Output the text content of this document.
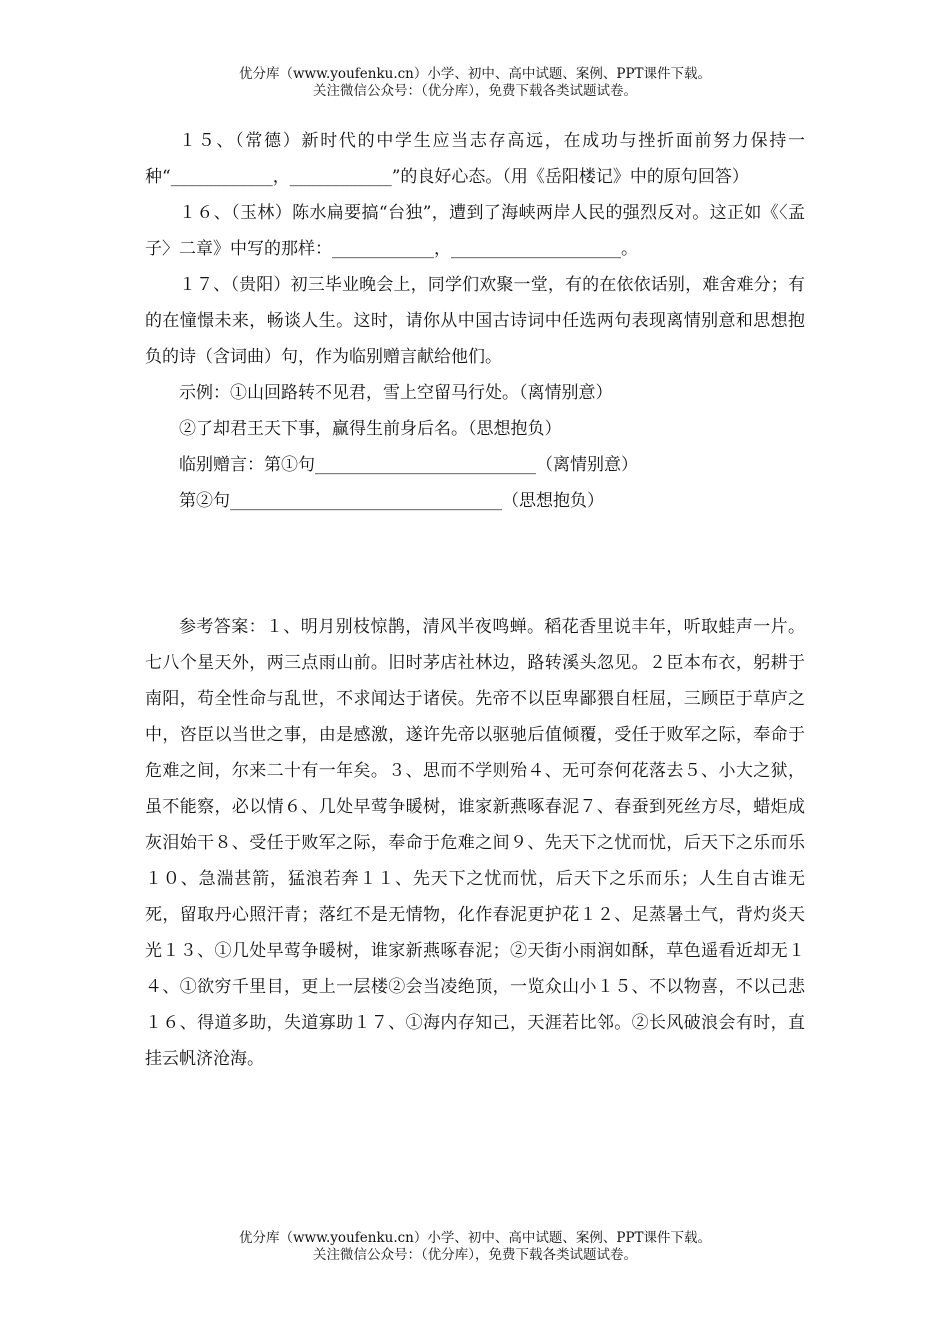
优分库（www.youfenku.cn）小学、初中、高中试题、案例、PPT课件下载。
关注微信公众号：（优分库），免费下载各类试题试卷。

１５、（常德）新时代的中学生应当志存高远，在成功与挫折面前努力保持一种“____________，____________”的良好心态。（用《岳阳楼记》中的原句回答）

１６、（玉林）陈水扁要搞“台独”，遭到了海峡两岸人民的强烈反对。这正如《〈孟子〉二章》中写的那样：____________，____________________。

１７、（贵阳）初三毕业晚会上，同学们欢聚一堂，有的在依依话别，难舍难分；有的在憧憬未来，畅谈人生。这时，请你从中国古诗词中任选两句表现离情别意和思想抱负的诗（含词曲）句，作为临别赠言献给他们。

示例：①山回路转不见君，雪上空留马行处。（离情别意）

②了却君王天下事，赢得生前身后名。（思想抱负）

临别赠言：第①句__________________________（离情别意）

第②句________________________________（思想抱负）

参考答案：１、明月别枝惊鹊，清风半夜鸣蝉。稻花香里说丰年，听取蛙声一片。七八个星天外，两三点雨山前。旧时茅店社林边，路转溪头忽见。２臣本布衣，躬耕于南阳，苟全性命与乱世，不求闻达于诸侯。先帝不以臣卑鄙猥自枉屈，三顾臣于草庐之中，咨臣以当世之事，由是感激，遂许先帝以驱驰后值倾覆，受任于败军之际，奉命于危难之间，尔来二十有一年矣。３、思而不学则殆４、无可奈何花落去５、小大之狱，虽不能察，必以情６、几处早莺争暖树，谁家新燕啄春泥７、春蚕到死丝方尽，蜡炬成灰泪始干８、受任于败军之际，奉命于危难之间９、先天下之忧而忧，后天下之乐而乐１０、急湍甚箭，猛浪若奔１１、先天下之忧而忧，后天下之乐而乐；人生自古谁无死，留取丹心照汗青；落红不是无情物，化作春泥更护花１２、足蒸暑土气，背灼炎天光１３、①几处早莺争暖树，谁家新燕啄春泥；②天街小雨润如酥，草色遥看近却无１４、①欲穷千里目，更上一层楼②会当凌绝顶，一览众山小１５、不以物喜，不以己悲１６、得道多助，失道寡助１７、①海内存知己，天涯若比邻。②长风破浪会有时，直挂云帆济沧海。

优分库（www.youfenku.cn）小学、初中、高中试题、案例、PPT课件下载。
关注微信公众号：（优分库），免费下载各类试题试卷。
